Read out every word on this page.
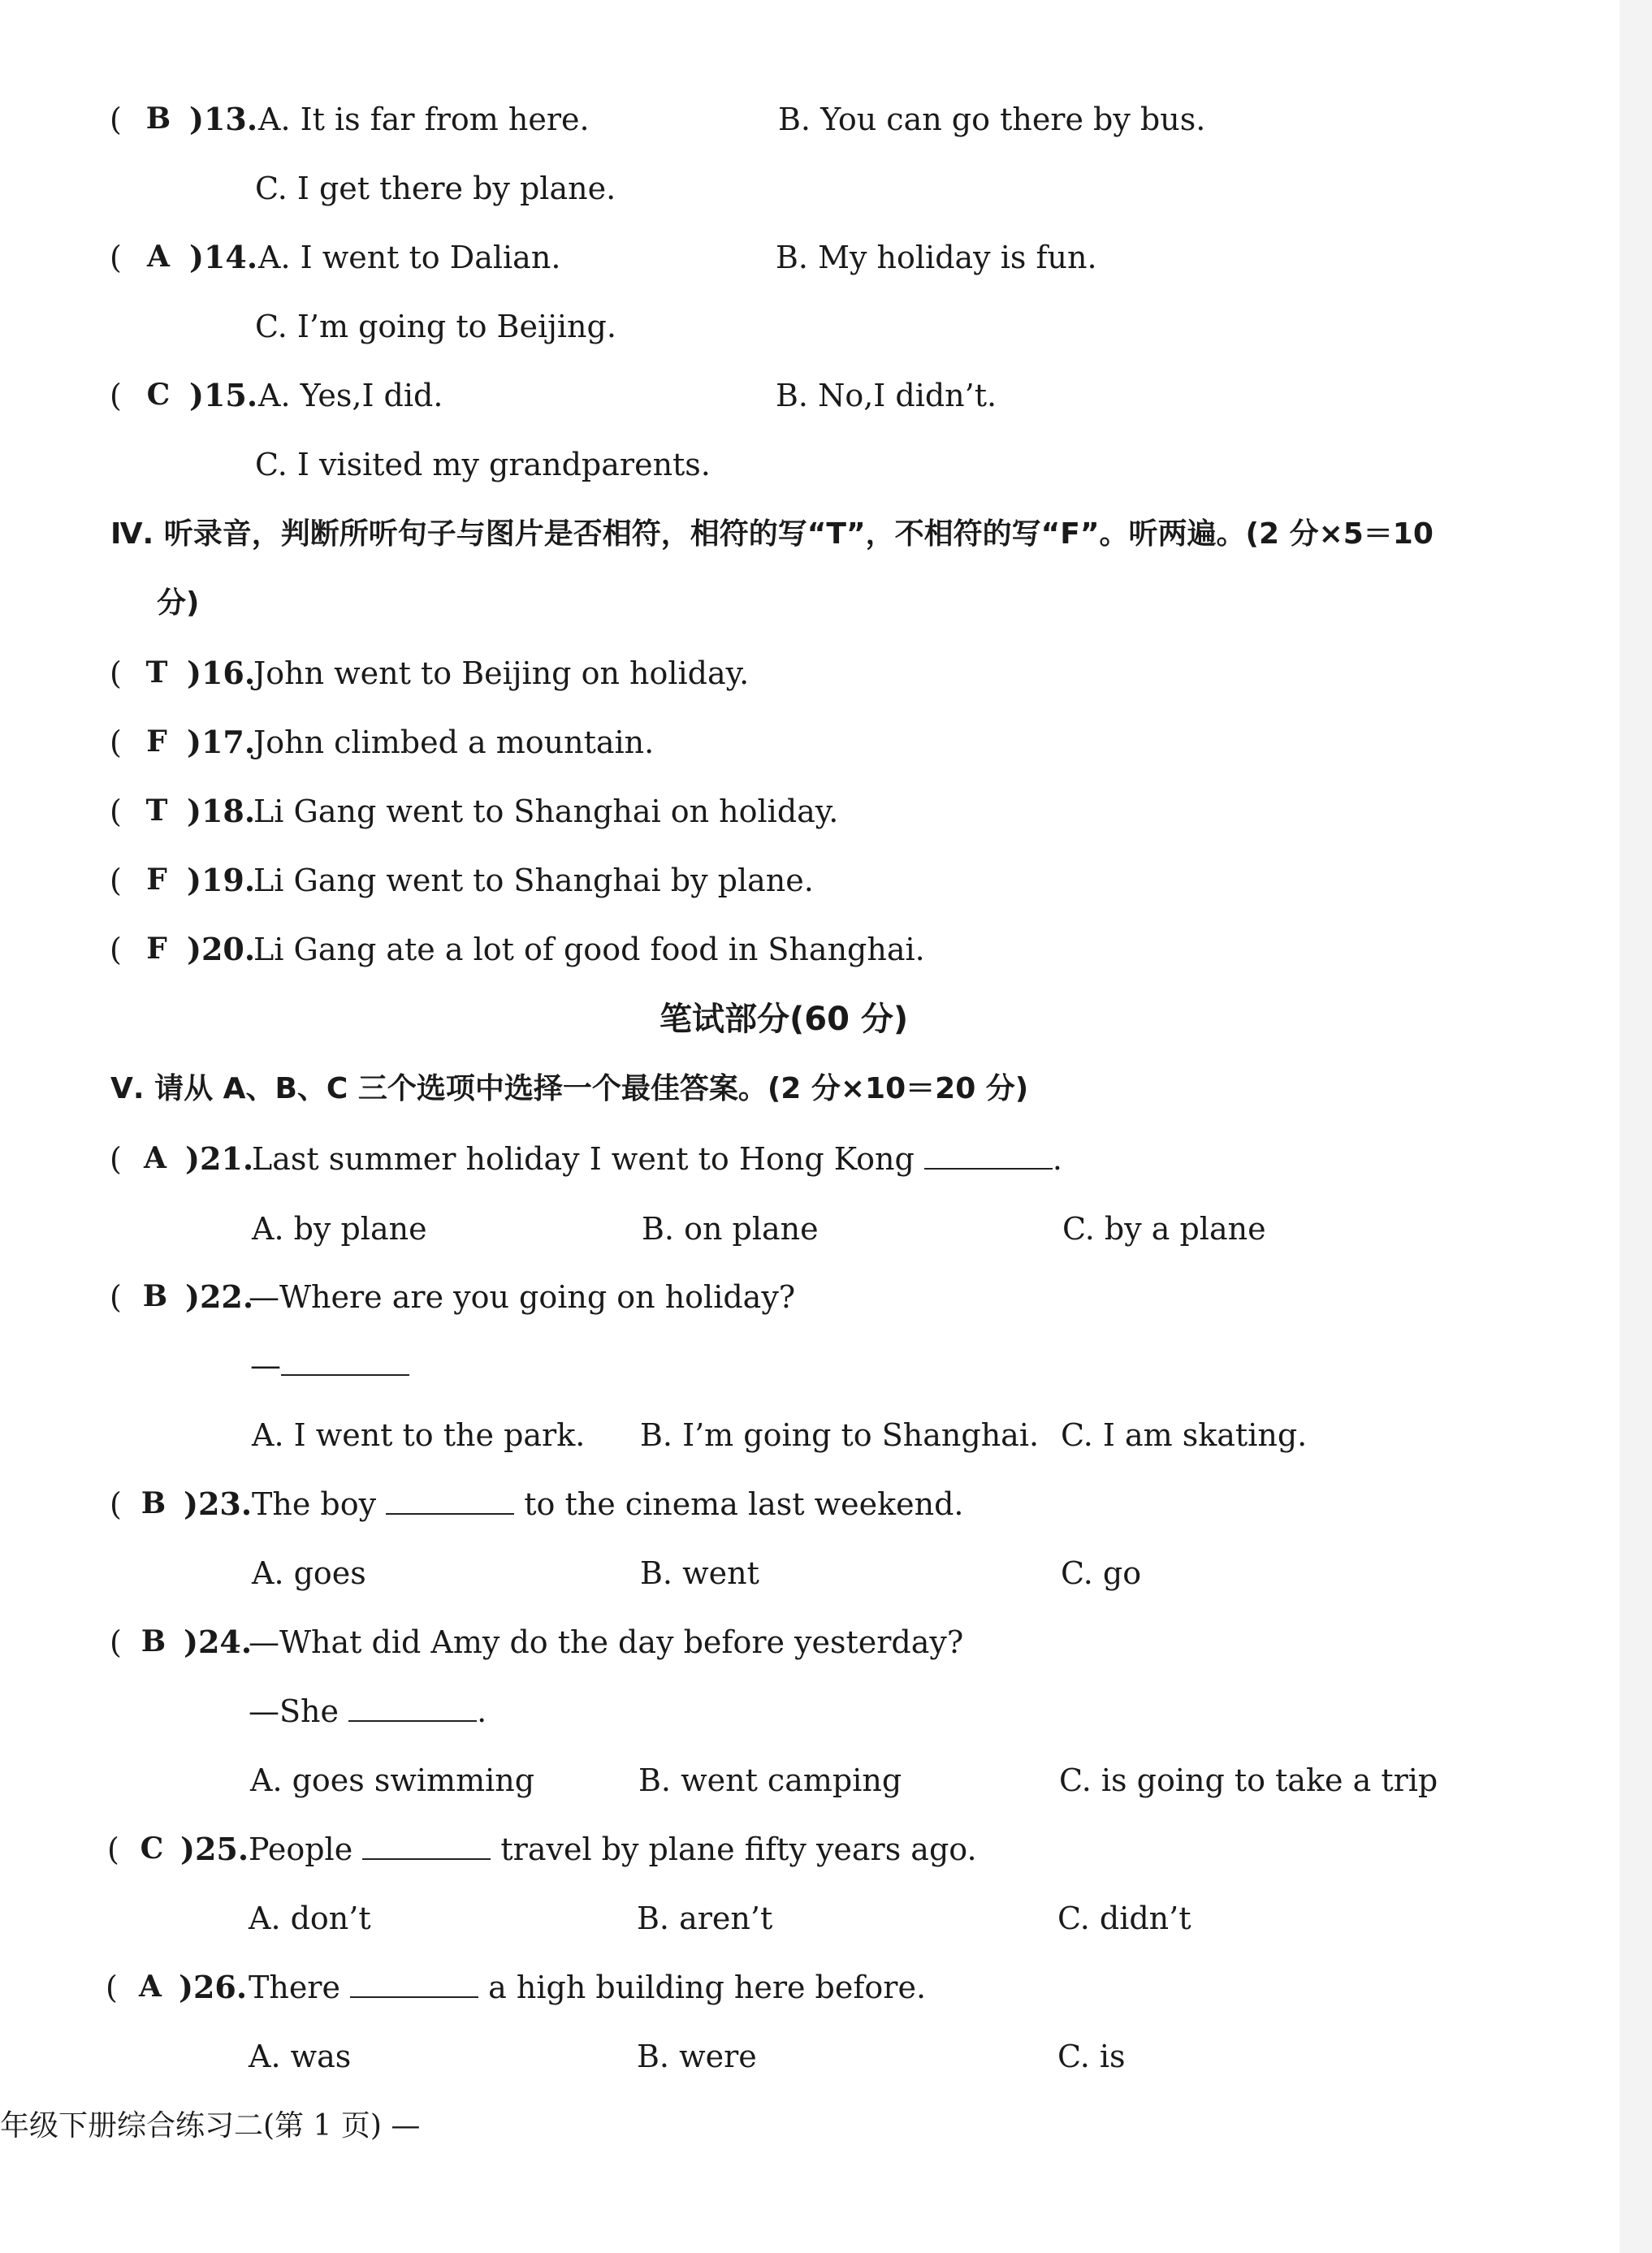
( B )13. A. It is far from here.	B. You can go there by bus.
C. I get there by plane.
( A )14. A. I went to Dalian.	B. My holiday is fun.
C. I’m going to Beijing.
( C )15. A. Yes,I did.	B. No,I didn’t.
C. I visited my grandparents.
Ⅳ. 听录音，判断所听句子与图片是否相符，相符的写“T”，不相符的写“F”。听两遍。(2 分×5＝10
分)
( T )16.
John went to Beijing on holiday.
( F )17.
John climbed a mountain.
( T )18.
Li Gang went to Shanghai on holiday.
( F )19.
Li Gang went to Shanghai by plane.
( F )20.
Li Gang ate a lot of good food in Shanghai.
笔试部分(60 分)
Ⅴ. 请从 A、B、C 三个选项中选择一个最佳答案。(2 分×10＝20 分)
( A )21.
Last summer holiday I went to Hong Kong	.
A. by plane	B. on plane	C. by a plane
( B )22.
—Where are you going on holiday?
—
A. I went to the park. B. I’m going to Shanghai. C. I am skating.
( B )23. The boy	to the cinema last weekend.
A. goes	B. went	C. go
( B )24.
—What did Amy do the day before yesterday?
—She	.
A. goes swimming	B. went camping	C. is going to take a trip
( C )25. People	travel by plane fifty years ago.
A. don’t	B. aren’t	C. didn’t
( A )26. There	a high building here before.
A. was	B. were	C. is
年级下册综合练习二(第 1 页) —
